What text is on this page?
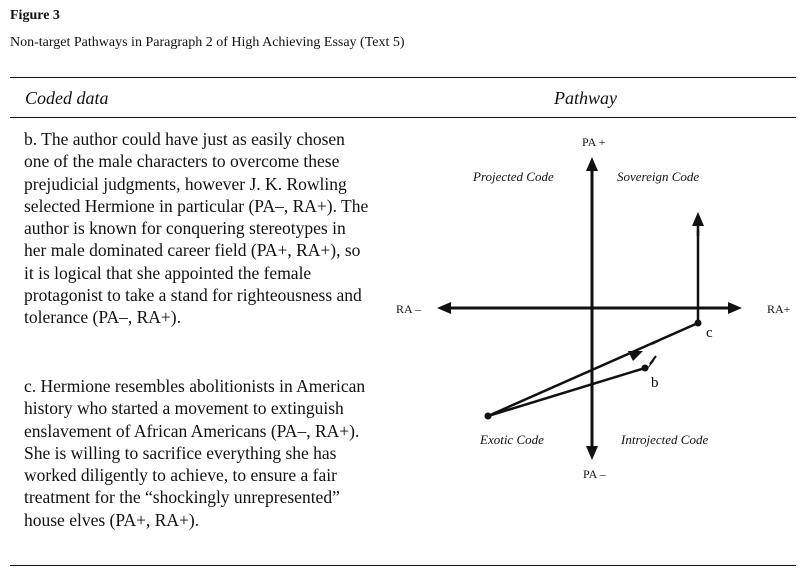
Figure 3
Non-target Pathways in Paragraph 2 of High Achieving Essay (Text 5)
Coded data	Pathway
b. The author could have just as easily chosen one of the male characters to overcome these prejudicial judgments, however J. K. Rowling selected Hermione in particular (PA–, RA+). The author is known for conquering stereotypes in her male dominated career field (PA+, RA+), so it is logical that she appointed the female protagonist to take a stand for righteousness and tolerance (PA–, RA+).
c. Hermione resembles abolitionists in American history who started a movement to extinguish enslavement of African Americans (PA–, RA+). She is willing to sacrifice everything she has worked diligently to achieve, to ensure a fair treatment for the “shockingly unrepresented” house elves (PA+, RA+).
PA +
PA –
RA –	RA+
Projected Code	Sovereign Code
Exotic Code	Introjected Code
c
b
